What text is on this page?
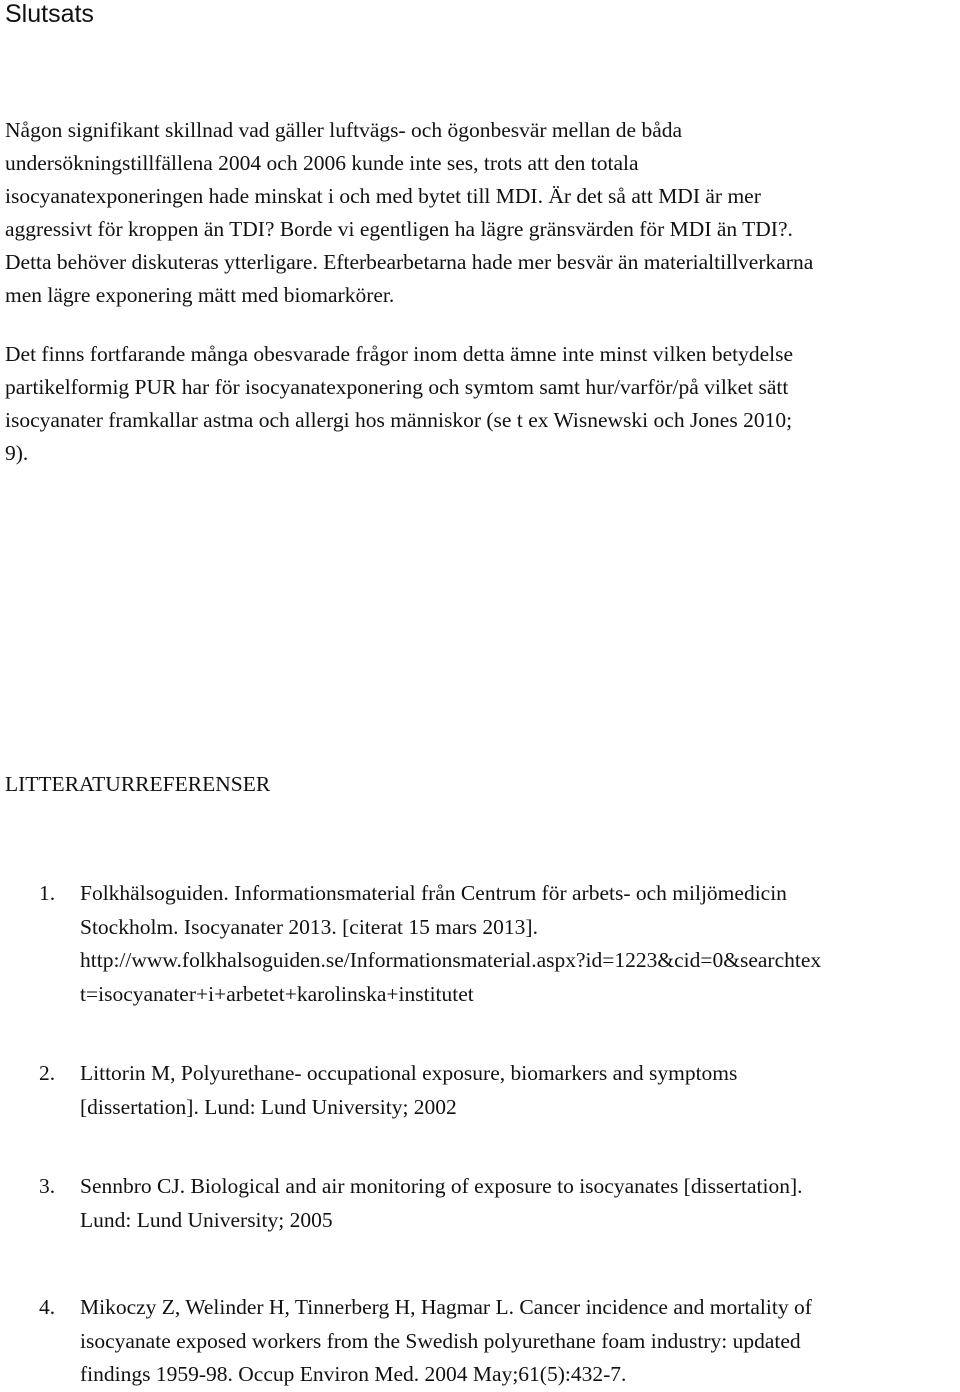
Slutsats

Någon signifikant skillnad vad gäller luftvägs- och ögonbesvär mellan de båda
undersökningstillfällena 2004 och 2006 kunde inte ses, trots att den totala
isocyanatexponeringen hade minskat i och med bytet till MDI. Är det så att MDI är mer
aggressivt för kroppen än TDI? Borde vi egentligen ha lägre gränsvärden för MDI än TDI?.
Detta behöver diskuteras ytterligare. Efterbearbetarna hade mer besvär än materialtillverkarna
men lägre exponering mätt med biomarkörer.

Det finns fortfarande många obesvarade frågor inom detta ämne inte minst vilken betydelse
partikelformig PUR har för isocyanatexponering och symtom samt hur/varför/på vilket sätt
isocyanater framkallar astma och allergi hos människor (se t ex Wisnewski och Jones 2010;
9).

LITTERATURREFERENSER
1. Folkhälsoguiden. Informationsmaterial från Centrum för arbets- och miljömedicin
Stockholm. Isocyanater 2013. [citerat 15 mars 2013].
http://www.folkhalsoguiden.se/Informationsmaterial.aspx?id=1223&cid=0&searchtex
t=isocyanater+i+arbetet+karolinska+institutet
2. Littorin M, Polyurethane- occupational exposure, biomarkers and symptoms
[dissertation]. Lund: Lund University; 2002
3. Sennbro CJ. Biological and air monitoring of exposure to isocyanates [dissertation].
Lund: Lund University; 2005
4. Mikoczy Z, Welinder H, Tinnerberg H, Hagmar L. Cancer incidence and mortality of
isocyanate exposed workers from the Swedish polyurethane foam industry: updated
findings 1959-98. Occup Environ Med. 2004 May;61(5):432-7.
